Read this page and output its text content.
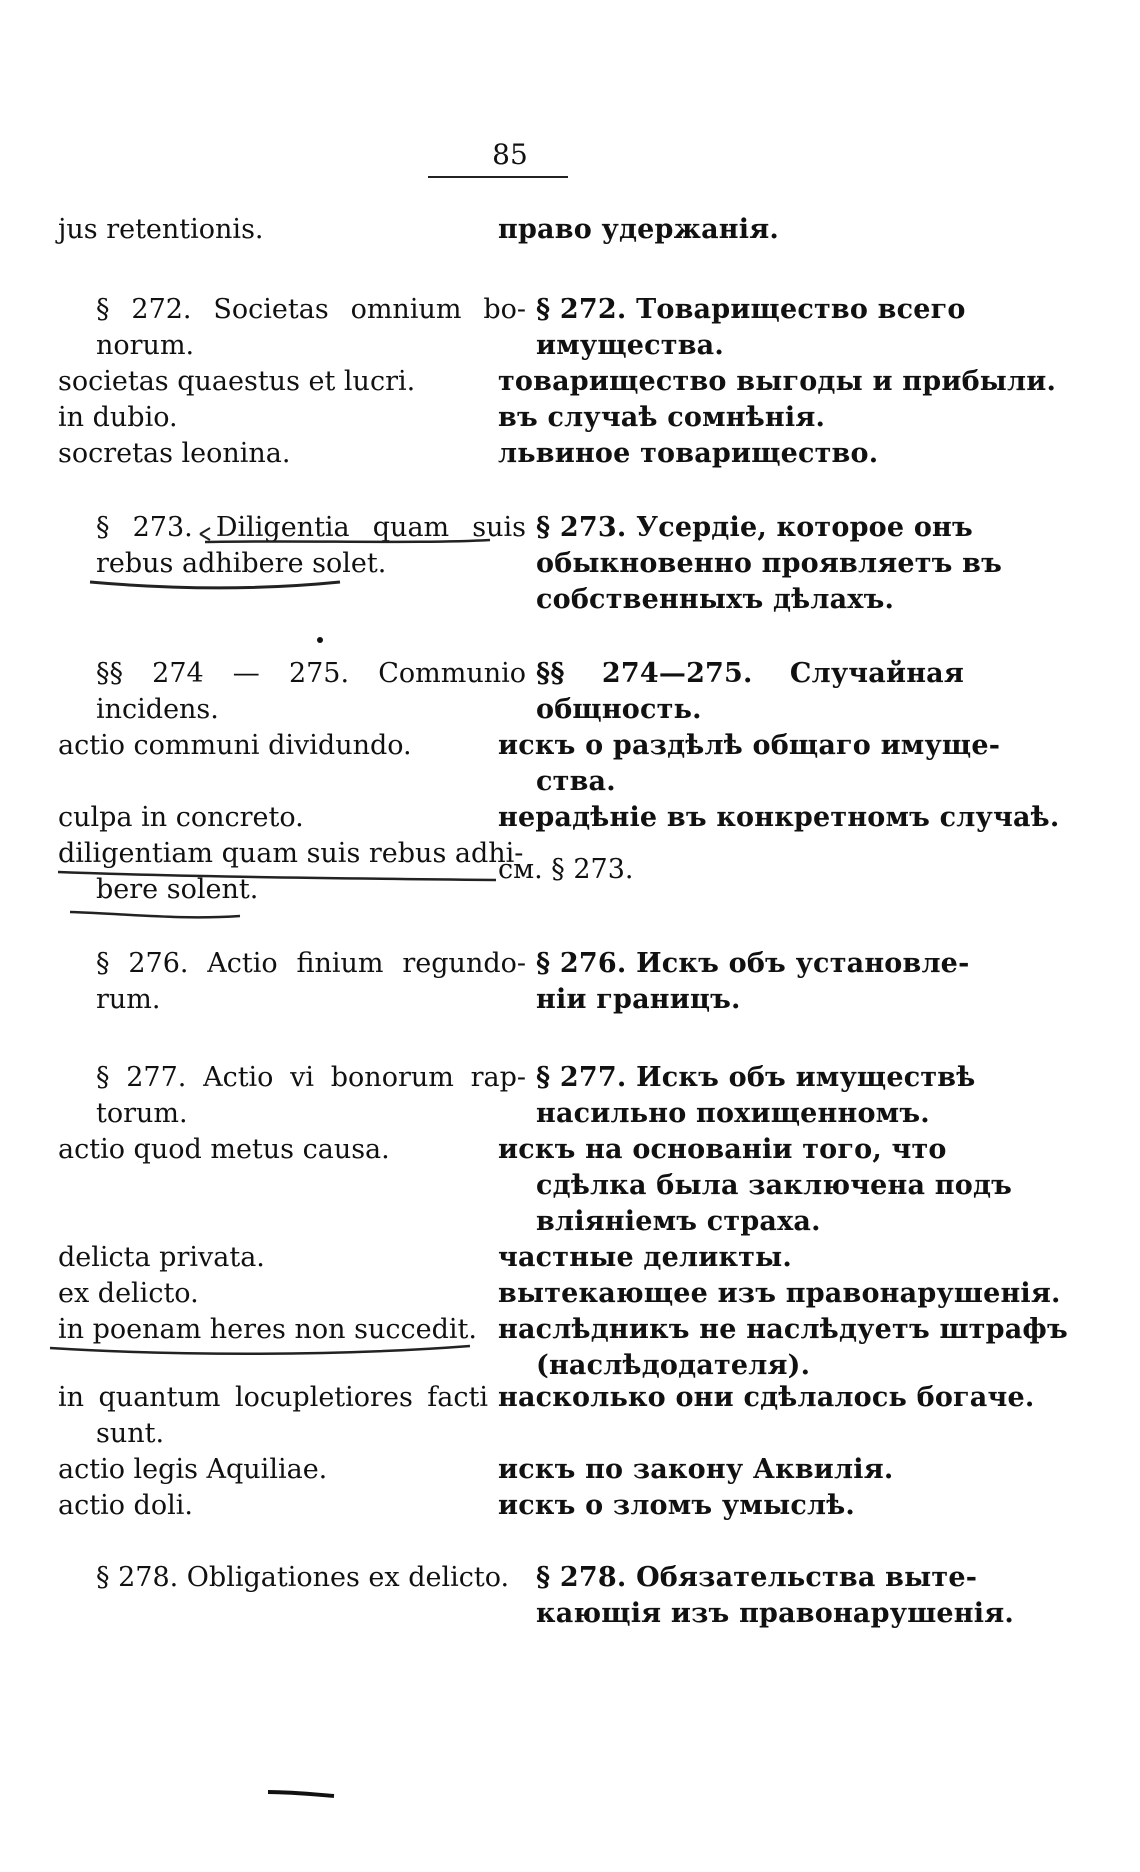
85
jus retentionis.
§ 272. Societas omnium bo-
norum.
societas quaestus et lucri.
in dubio.
socretas leonina.
§ 273. Diligentia quam suis
rebus adhibere solet.
§§ 274 — 275. Communio
incidens.
actio communi dividundo.
culpa in concreto.
diligentiam quam suis rebus adhi-
bere solent.
§ 276. Actio finium regundo-
rum.
§ 277. Actio vi bonorum rap-
torum.
actio quod metus causa.
delicta privata.
ex delicto.
in poenam heres non succedit.
in quantum locupletiores facti
sunt.
actio legis Aquiliae.
actio doli.
§ 278. Obligationes ex delicto.
право удержанія.
§ 272. Товарищество всего
имущества.
товарищество выгоды и прибыли.
въ случаѣ сомнѣнія.
львиное товарищество.
§ 273. Усердіе, которое онъ
обыкновенно проявляетъ въ
собственныхъ дѣлахъ.
§§ 274—275. Случайная
общность.
искъ о раздѣлѣ общаго имуще-
ства.
нерадѣніе въ конкретномъ случаѣ.
см. § 273.
§ 276. Искъ объ установле-
ніи границъ.
§ 277. Искъ объ имуществѣ
насильно похищенномъ.
искъ на основаніи того, что
сдѣлка была заключена подъ
вліяніемъ страха.
частные деликты.
вытекающее изъ правонарушенія.
наслѣдникъ не наслѣдуетъ штрафъ
(наслѣдодателя).
насколько они сдѣлалось богаче.
искъ по закону Аквилія.
искъ о зломъ умыслѣ.
§ 278. Обязательства выте-
кающія изъ правонарушенія.
